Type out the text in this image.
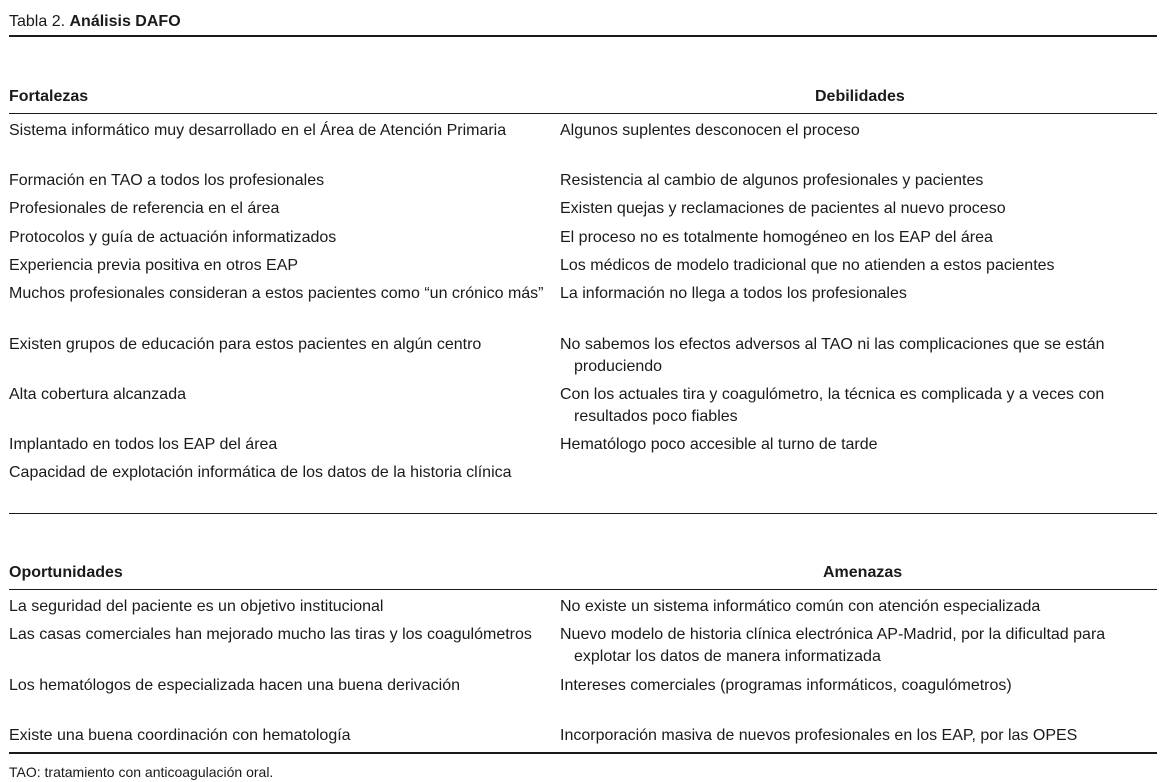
Tabla 2. Análisis DAFO
Fortalezas	Debilidades
Sistema informático muy desarrollado en el Área de Atención Primaria	Algunos suplentes desconocen el proceso
Formación en TAO a todos los profesionales	Resistencia al cambio de algunos profesionales y pacientes
Profesionales de referencia en el área	Existen quejas y reclamaciones de pacientes al nuevo proceso
Protocolos y guía de actuación informatizados	El proceso no es totalmente homogéneo en los EAP del área
Experiencia previa positiva en otros EAP	Los médicos de modelo tradicional que no atienden a estos pacientes
Muchos profesionales consideran a estos pacientes como “un crónico más”	La información no llega a todos los profesionales
Existen grupos de educación para estos pacientes en algún centro	No sabemos los efectos adversos al TAO ni las complicaciones que se están produciendo
Alta cobertura alcanzada	Con los actuales tira y coagulómetro, la técnica es complicada y a veces con resultados poco fiables
Implantado en todos los EAP del área	Hematólogo poco accesible al turno de tarde
Capacidad de explotación informática de los datos de la historia clínica
Oportunidades	Amenazas
La seguridad del paciente es un objetivo institucional	No existe un sistema informático común con atención especializada
Las casas comerciales han mejorado mucho las tiras y los coagulómetros	Nuevo modelo de historia clínica electrónica AP-Madrid, por la dificultad para explotar los datos de manera informatizada
Los hematólogos de especializada hacen una buena derivación	Intereses comerciales (programas informáticos, coagulómetros)
Existe una buena coordinación con hematología	Incorporación masiva de nuevos profesionales en los EAP, por las OPES
TAO: tratamiento con anticoagulación oral.
